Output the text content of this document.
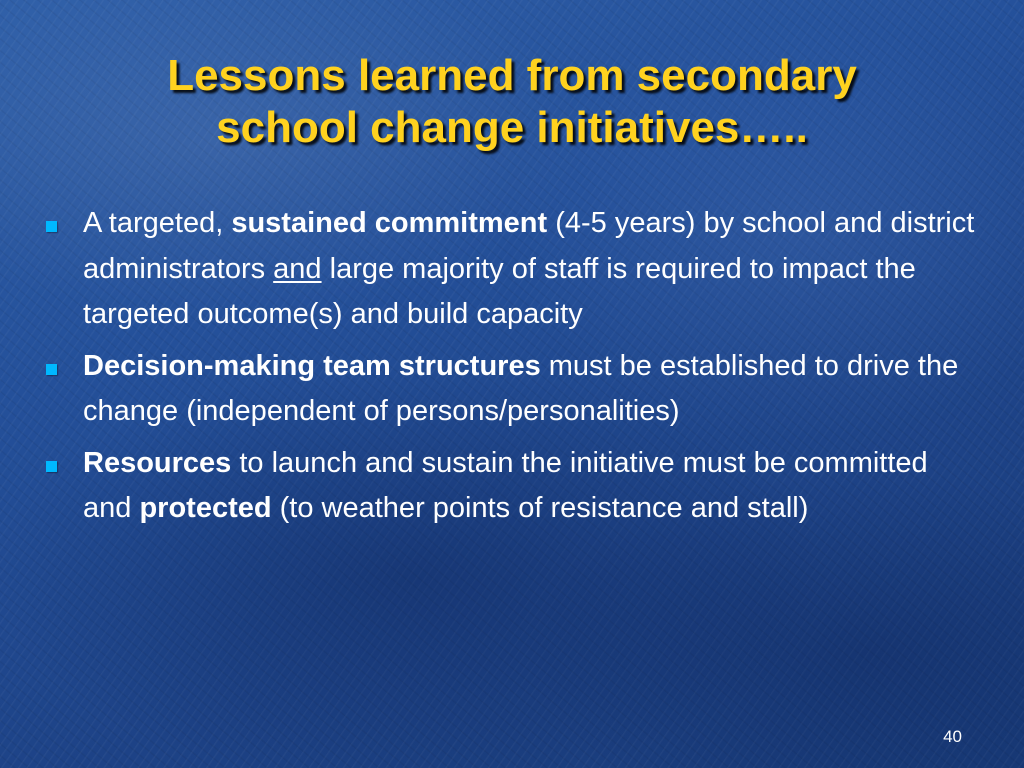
Lessons learned from secondary
school change initiatives…..
A targeted, sustained commitment (4-5 years) by school and district administrators and large majority of staff is required to impact the targeted outcome(s) and build capacity
Decision-making team structures must be established to drive the change (independent of persons/personalities)
Resources to launch and sustain the initiative must be committed and protected (to weather points of resistance and stall)
40
